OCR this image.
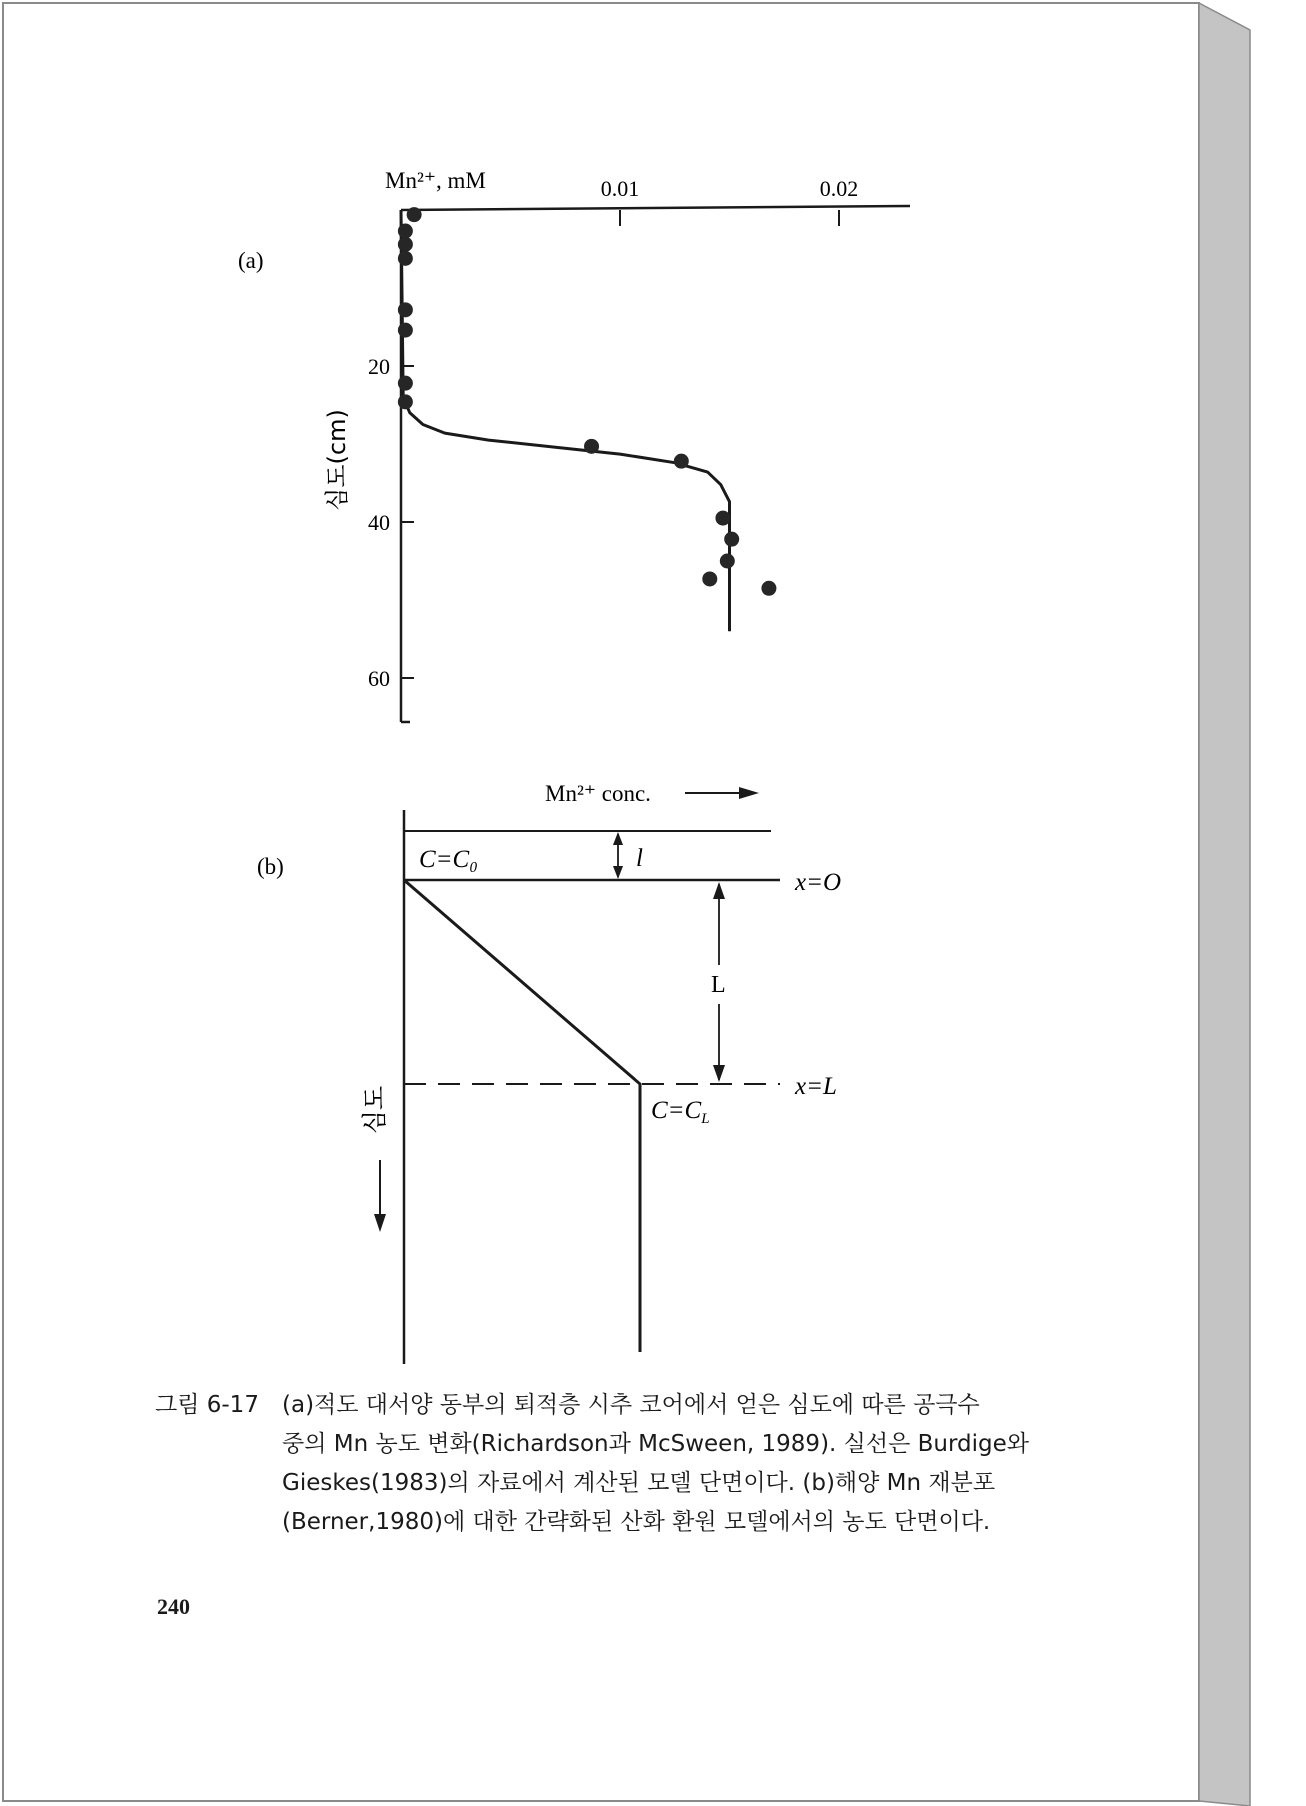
(a)
Mn²⁺, mM
심도(cm)
0.01	0.02
20
40
60
(b)
Mn²⁺ conc.
C=C₀	l
x=O
L
x=L
$C=C_L$
심도
그림 6-17 (a)적도 대서양 동부의 퇴적층 시추 코어에서 얻은 심도에 따른 공극수
중의 Mn 농도 변화(Richardson과 McSween, 1989). 실선은 Burdige와
Gieskes(1983)의 자료에서 계산된 모델 단면이다. (b)해양 Mn 재분포
(Berner,1980)에 대한 간략화된 산화 환원 모델에서의 농도 단면이다.
240
